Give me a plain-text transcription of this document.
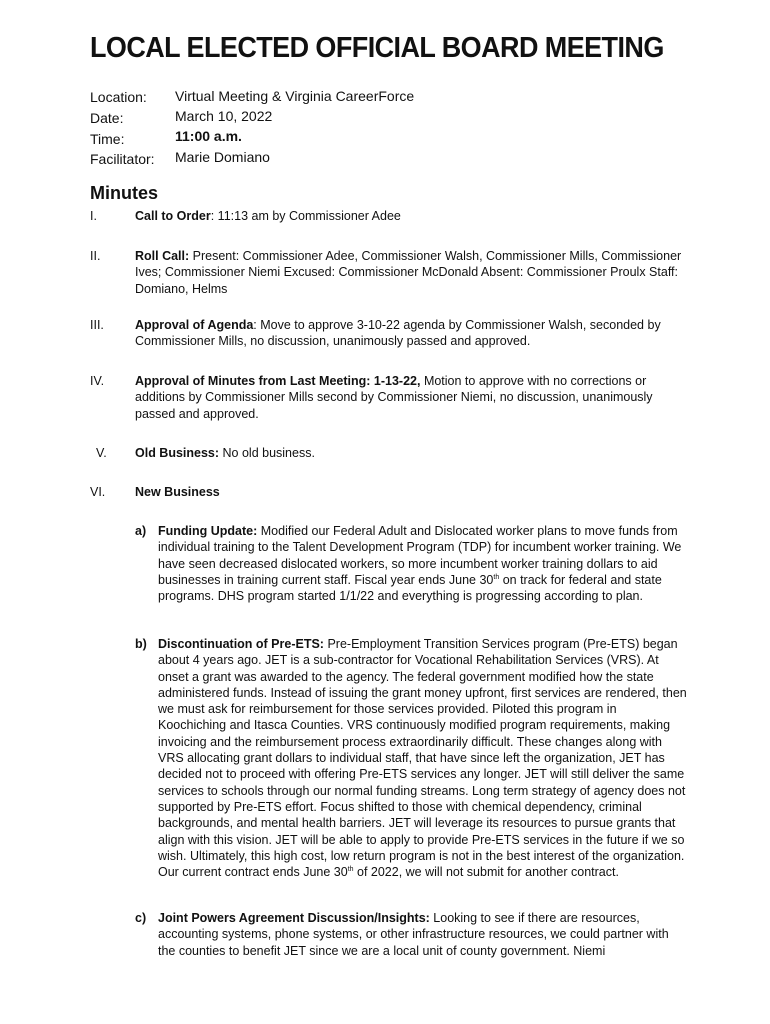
LOCAL ELECTED OFFICIAL BOARD MEETING
Location: Virtual Meeting & Virginia CareerForce
Date:	March 10, 2022
Time:	11:00 a.m.
Facilitator: Marie Domiano
Minutes
I.	Call to Order: 11:13 am by Commissioner Adee
II.	Roll Call: Present: Commissioner Adee, Commissioner Walsh, Commissioner Mills, Commissioner Ives; Commissioner Niemi Excused: Commissioner McDonald Absent: Commissioner Proulx Staff: Domiano, Helms
III. Approval of Agenda: Move to approve 3-10-22 agenda by Commissioner Walsh, seconded by Commissioner Mills, no discussion, unanimously passed and approved.
IV. Approval of Minutes from Last Meeting: 1-13-22, Motion to approve with no corrections or additions by Commissioner Mills second by Commissioner Niemi, no discussion, unanimously passed and approved.
V. Old Business: No old business.
VI. New Business
a) Funding Update: Modified our Federal Adult and Dislocated worker plans to move funds from individual training to the Talent Development Program (TDP) for incumbent worker training. We have seen decreased dislocated workers, so more incumbent worker training dollars to aid businesses in training current staff. Fiscal year ends June 30th on track for federal and state programs. DHS program started 1/1/22 and everything is progressing according to plan.
b) Discontinuation of Pre-ETS: Pre-Employment Transition Services program (Pre-ETS) began about 4 years ago. JET is a sub-contractor for Vocational Rehabilitation Services (VRS). At onset a grant was awarded to the agency. The federal government modified how the state administered funds. Instead of issuing the grant money upfront, first services are rendered, then we must ask for reimbursement for those services provided. Piloted this program in Koochiching and Itasca Counties. VRS continuously modified program requirements, making invoicing and the reimbursement process extraordinarily difficult. These changes along with VRS allocating grant dollars to individual staff, that have since left the organization, JET has decided not to proceed with offering Pre-ETS services any longer. JET will still deliver the same services to schools through our normal funding streams. Long term strategy of agency does not supported by Pre-ETS effort. Focus shifted to those with chemical dependency, criminal backgrounds, and mental health barriers. JET will leverage its resources to pursue grants that align with this vision. JET will be able to apply to provide Pre-ETS services in the future if we so wish. Ultimately, this high cost, low return program is not in the best interest of the organization. Our current contract ends June 30th of 2022, we will not submit for another contract.
c) Joint Powers Agreement Discussion/Insights: Looking to see if there are resources, accounting systems, phone systems, or other infrastructure resources, we could partner with the counties to benefit JET since we are a local unit of county government. Niemi
